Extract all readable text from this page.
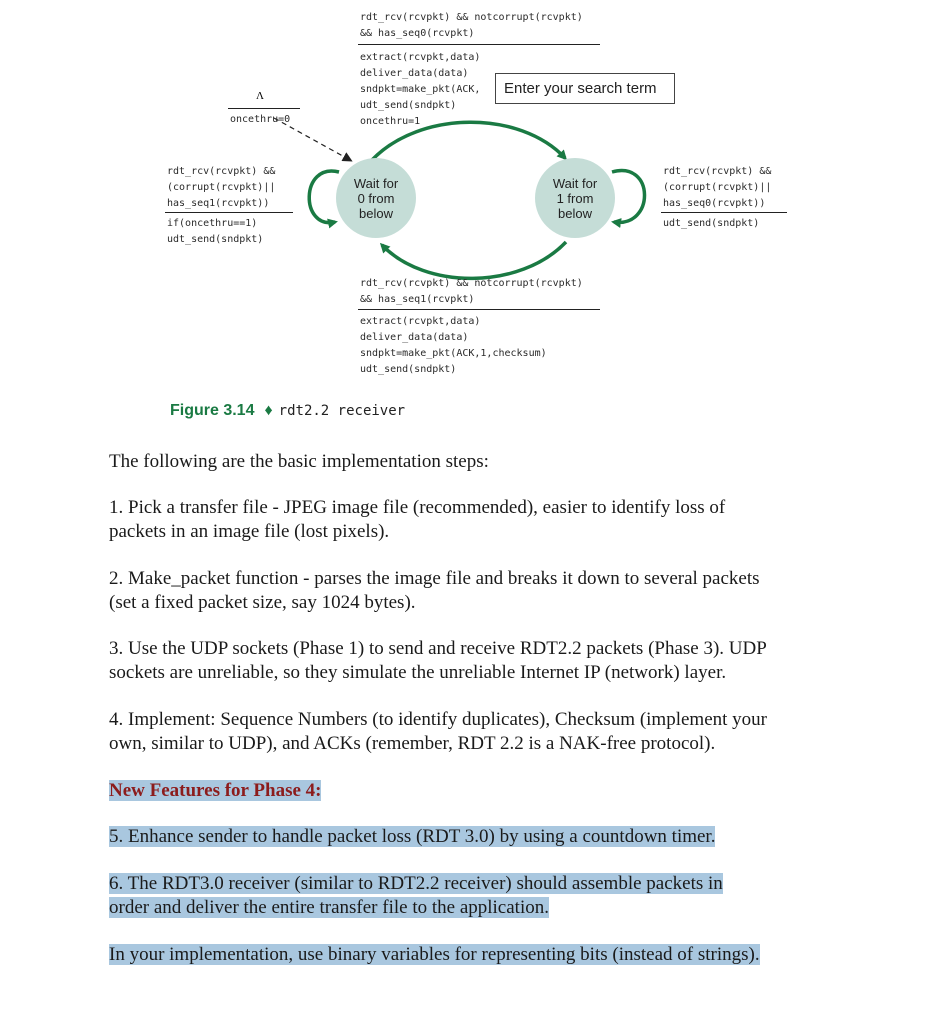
rdt_rcv(rcvpkt) && notcorrupt(rcvpkt)
&& has_seq0(rcvpkt)
extract(rcvpkt,data)
deliver_data(data)
sndpkt=make_pkt(ACK,
udt_send(sndpkt)
oncethru=1
Λ
oncethru=0
rdt_rcv(rcvpkt) &&
(corrupt(rcvpkt)||
has_seq1(rcvpkt))
if(oncethru==1)
udt_send(sndpkt)
Wait for
0 from
below
Wait for
1 from
below
rdt_rcv(rcvpkt) &&
(corrupt(rcvpkt)||
has_seq0(rcvpkt))
udt_send(sndpkt)
rdt_rcv(rcvpkt) && notcorrupt(rcvpkt)
&& has_seq1(rcvpkt)
extract(rcvpkt,data)
deliver_data(data)
sndpkt=make_pkt(ACK,1,checksum)
udt_send(sndpkt)
Figure 3.14 ♦ rdt2.2 receiver
Enter your search term
The following are the basic implementation steps:
1. Pick a transfer file - JPEG image file (recommended), easier to identify loss of
packets in an image file (lost pixels).
2. Make_packet function - parses the image file and breaks it down to several packets
(set a fixed packet size, say 1024 bytes).
3. Use the UDP sockets (Phase 1) to send and receive RDT2.2 packets (Phase 3). UDP
sockets are unreliable, so they simulate the unreliable Internet IP (network) layer.
4. Implement: Sequence Numbers (to identify duplicates), Checksum (implement your
own, similar to UDP), and ACKs (remember, RDT 2.2 is a NAK-free protocol).
New Features for Phase 4:
5. Enhance sender to handle packet loss (RDT 3.0) by using a countdown timer.
6. The RDT3.0 receiver (similar to RDT2.2 receiver) should assemble packets in
order and deliver the entire transfer file to the application.
In your implementation, use binary variables for representing bits (instead of strings).
